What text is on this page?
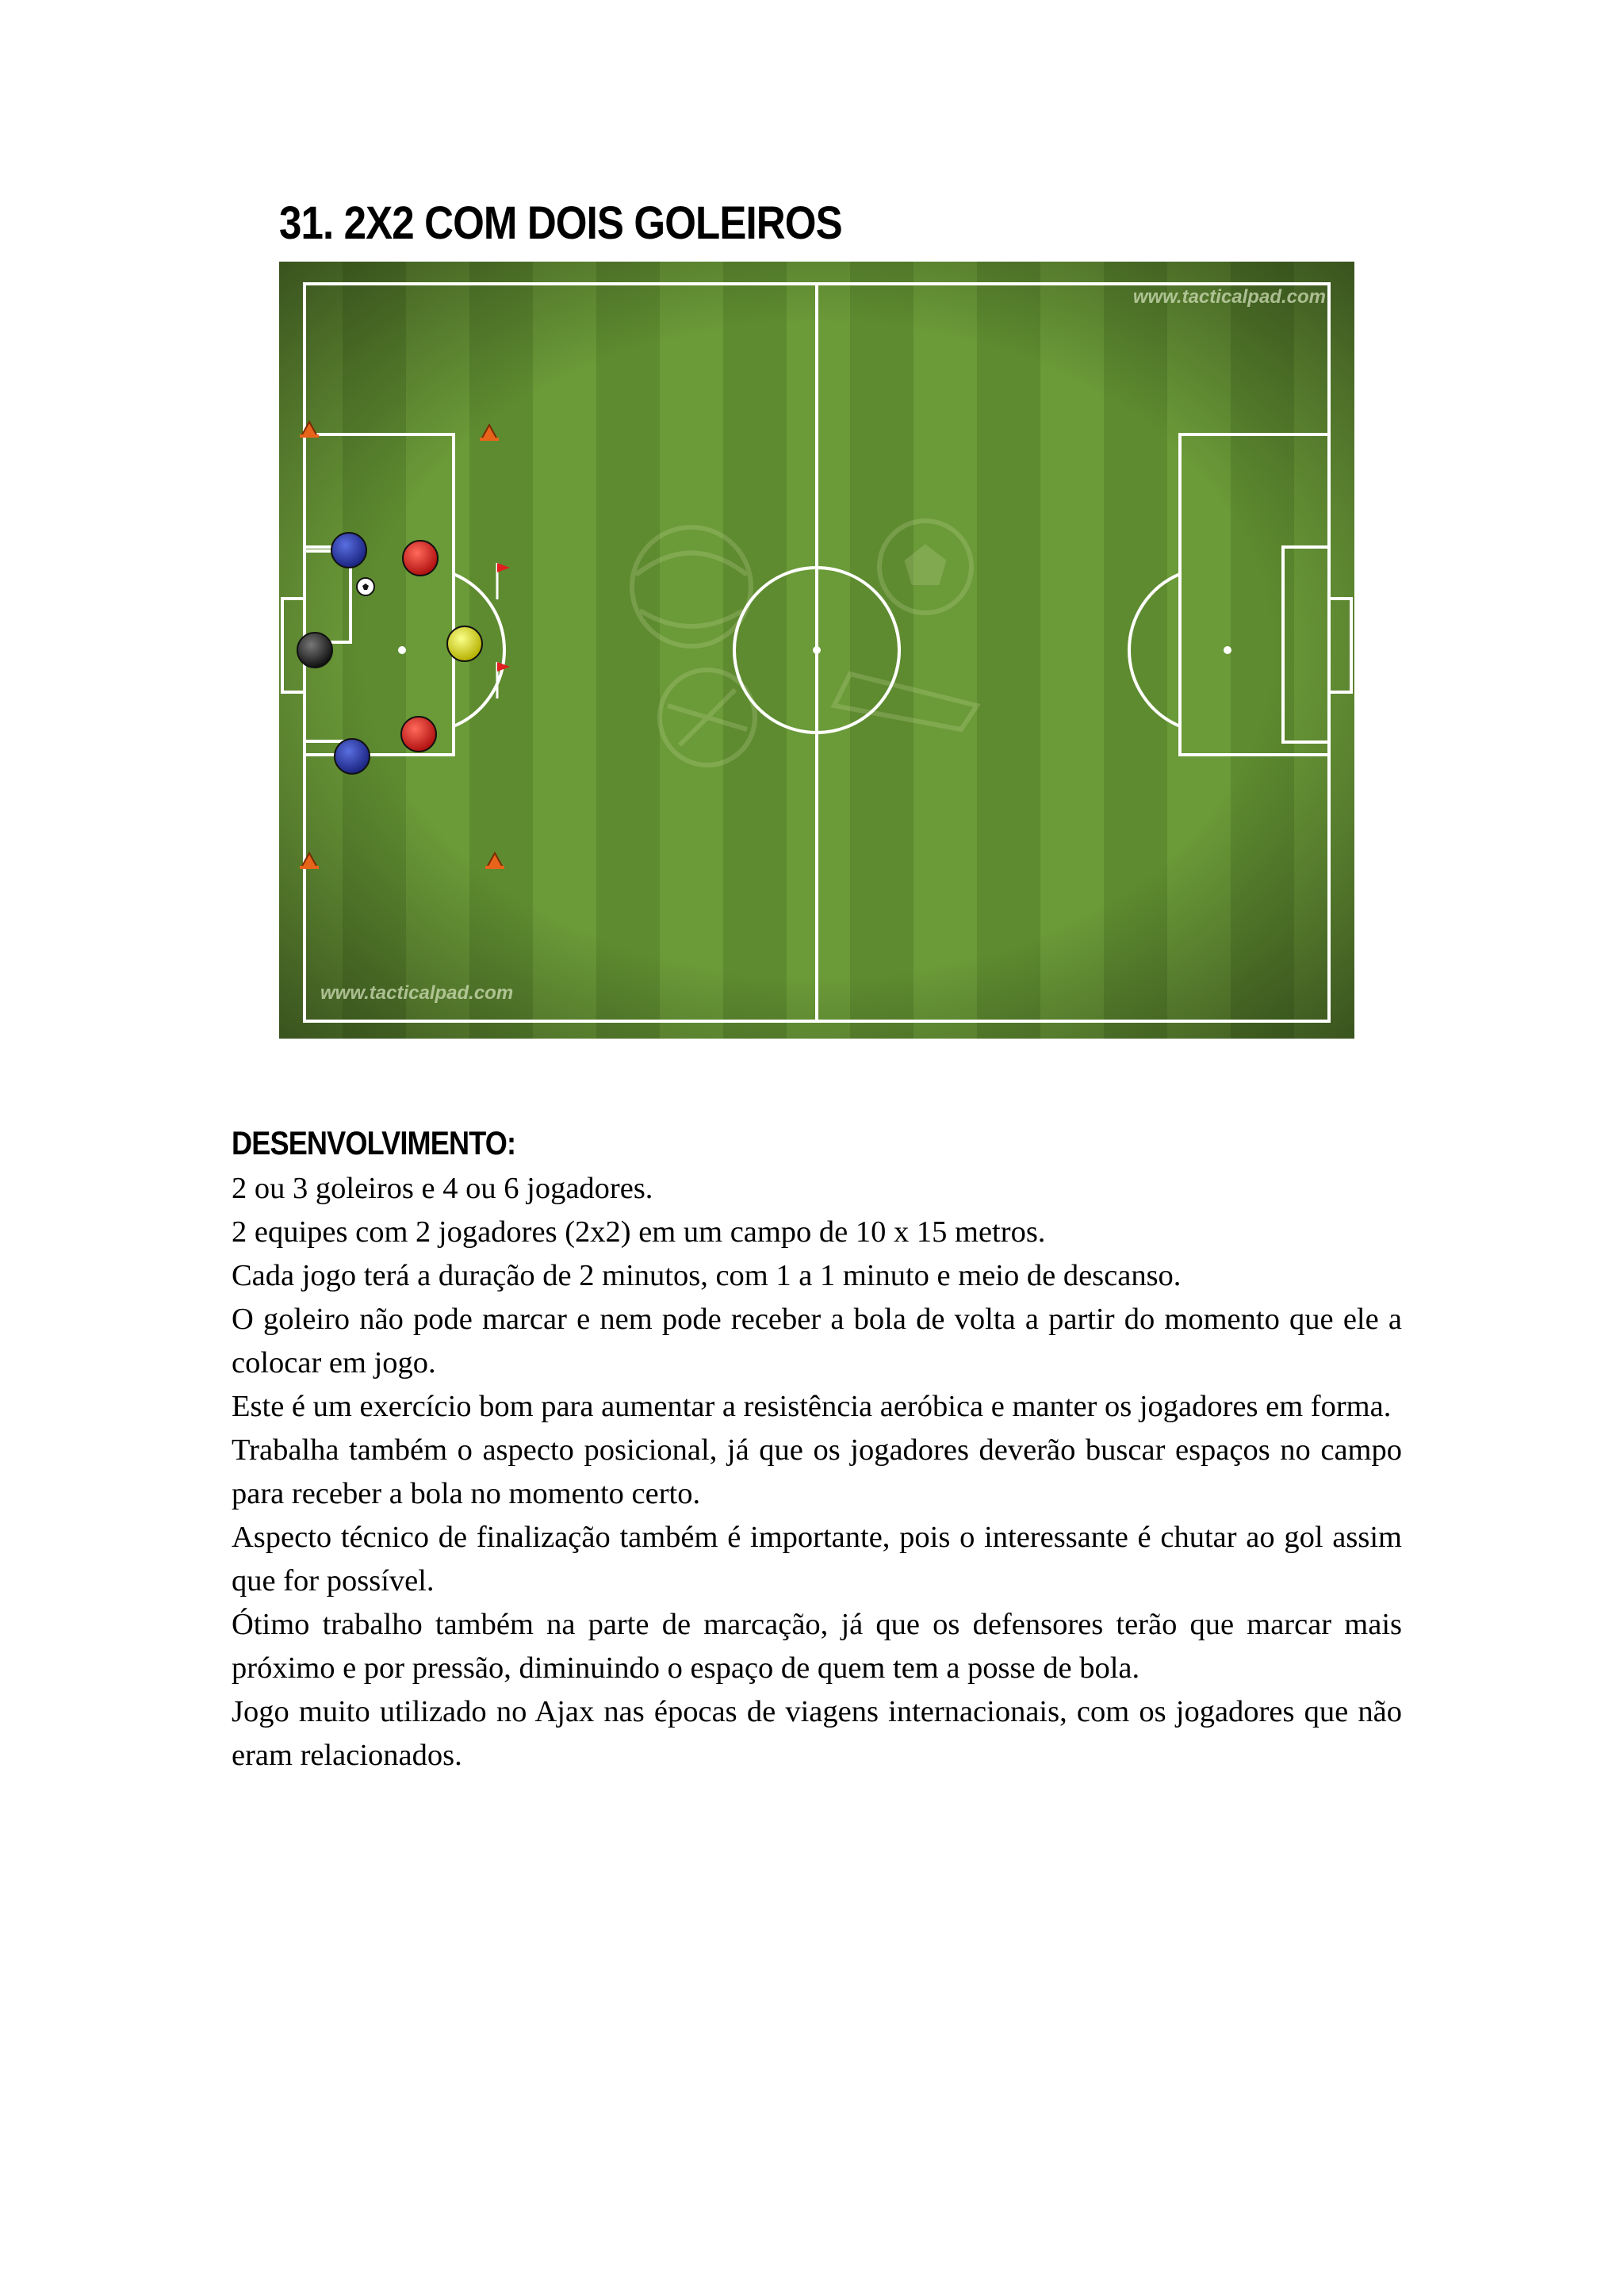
31. 2X2 COM DOIS GOLEIROS
www.tacticalpad.com
www.tacticalpad.com
DESENVOLVIMENTO:

2 ou 3 goleiros e 4 ou 6 jogadores.

2 equipes com 2 jogadores (2x2) em um campo de 10 x 15 metros.

Cada jogo terá a duração de 2 minutos, com 1 a 1 minuto e meio de descanso.

O goleiro não pode marcar e nem pode receber a bola de volta a partir do momento que ele a colocar em jogo.

Este é um exercício bom para aumentar a resistência aeróbica e manter os jogadores em forma.

Trabalha também o aspecto posicional, já que os jogadores deverão buscar espaços no campo para receber a bola no momento certo.

Aspecto técnico de finalização também é importante, pois o interessante é chutar ao gol assim que for possível.

Ótimo trabalho também na parte de marcação, já que os defensores terão que marcar mais próximo e por pressão, diminuindo o espaço de quem tem a posse de bola.

Jogo muito utilizado no Ajax nas épocas de viagens internacionais, com os jogadores que não eram relacionados.
